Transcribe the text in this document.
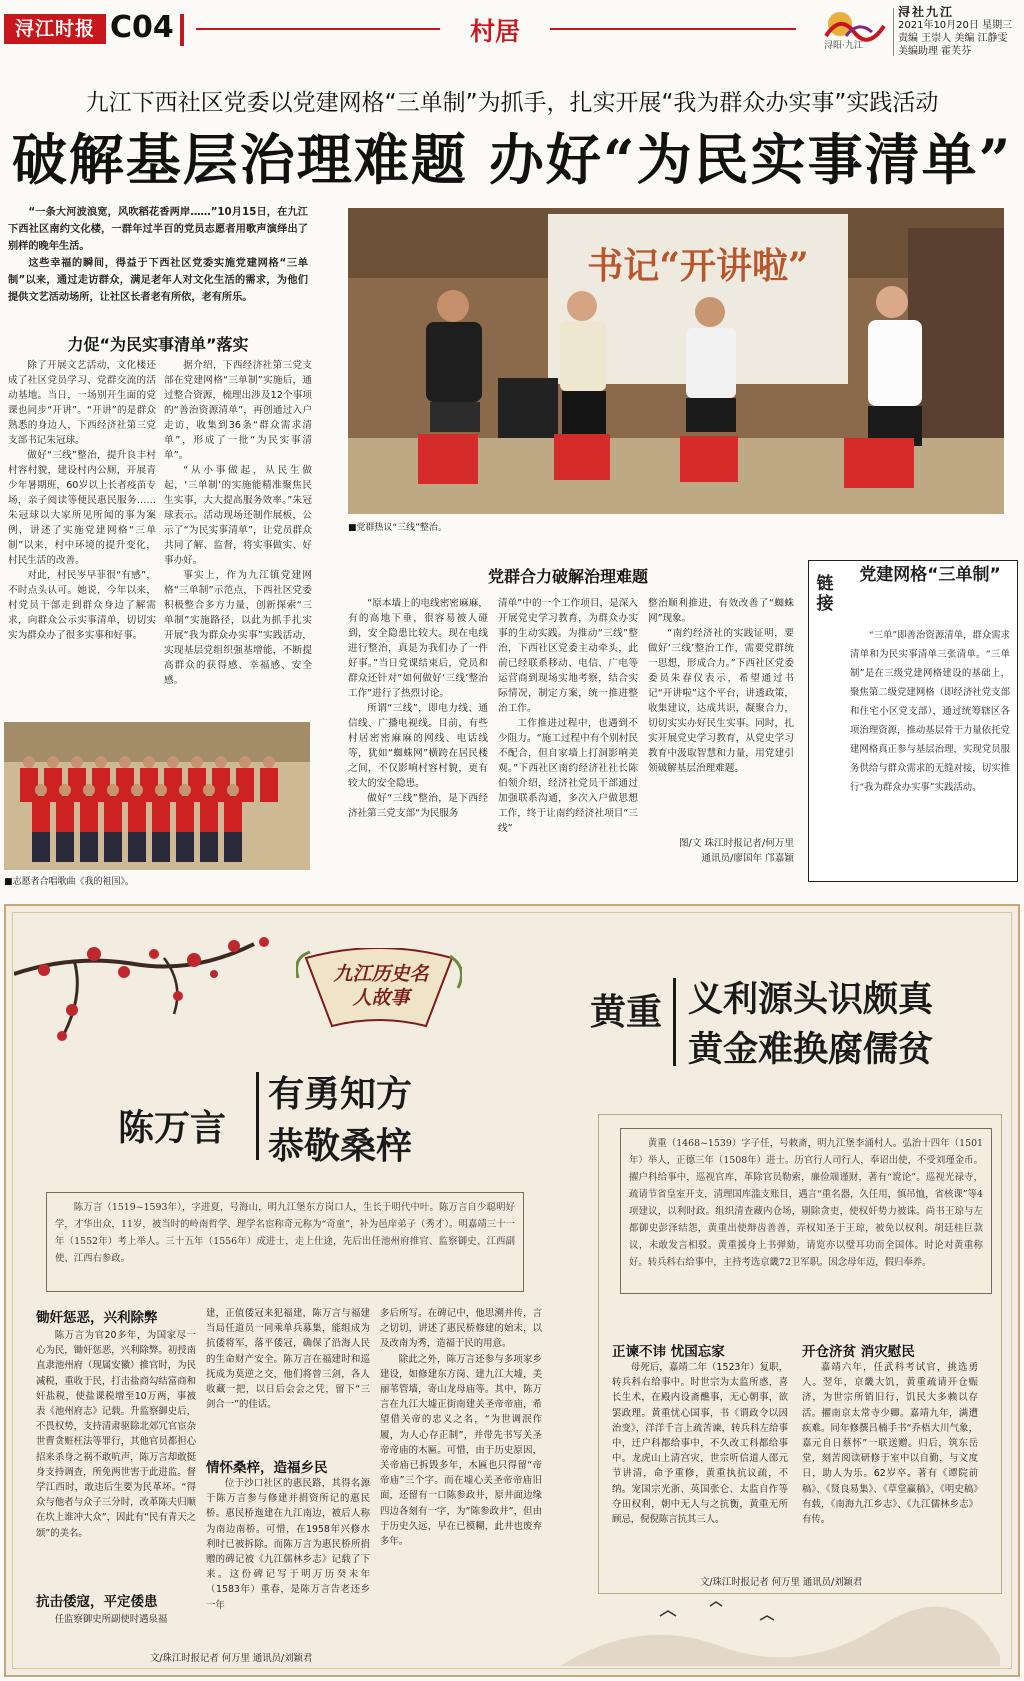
浔江时报 C04	村居	浔阳·九江
浔社九江
2021年10月20日 星期三
责编 王崇人 美编 江静雯
美编助理 霍芙芬
九江下西社区党委以党建网格“三单制”为抓手，扎实开展“我为群众办实事”实践活动
破解基层治理难题 办好“为民实事清单”

“一条大河波浪宽，风吹稻花香两岸……”10月15日，在九江下西社区南约文化楼，一群年过半百的党员志愿者用歌声演绎出了别样的晚年生活。

这些幸福的瞬间，得益于下西社区党委实施党建网格“三单制”以来，通过走访群众，满足老年人对文化生活的需求，为他们提供文艺活动场所，让社区长者老有所依，老有所乐。

力促“为民实事清单”落实

除了开展文艺活动，文化楼还成了社区党员学习、党群交流的活动基地。当日，一场别开生面的党课也同步“开讲”。“开讲”的是群众熟悉的身边人，下西经济社第三党支部书记朱冠球。

做好“三线”整治，提升良丰村村容村貌，建设村内公厕，开展青少年暑期班，60岁以上长者疫苗专场，亲子阅读等便民惠民服务……朱冠球以大家所见所闻的事为案例，讲述了实施党建网格“三单制”以来，村中环境的提升变化，村民生活的改善。

对此，村民岑早菲很“有感”，不时点头认可。她说，今年以来，村党员干部走到群众身边了解需求，向群众公示实事清单，切切实实为群众办了很多实事和好事。

据介绍，下西经济社第三党支部在党建网格“三单制”实施后，通过整合资源，梳理出涉及12个事项的“善治资源清单”，再创通过入户走访，收集到36条“群众需求清单”，形成了一批“为民实事清单”。

“从小事做起，从民生做起，‘三单制’的实施能精准聚焦民生实事，大大提高服务效率。”朱冠球表示。活动现场还制作展板，公示了“为民实事清单”，让党员群众共同了解、监督，将实事做实、好事办好。

事实上，作为九江镇党建网格“三单制”示范点，下西社区党委积极整合多方力量，创新探索“三单制”实施路径，以此为抓手扎实开展“我为群众办实事”实践活动，实现基层党组织强基增能，不断提高群众的获得感、幸福感、安全感。

书记“开讲啦”
■党群热议“三线”整治。
■志愿者合唱歌曲《我的祖国》。
党群合力破解治理难题

“原本墙上的电线密密麻麻，有的高地下垂，很容易被人碰到，安全隐患比较大。现在电线进行整治，真是为我们办了一件好事。”当日党课结束后，党员和群众还针对“如何做好‘三线’整治工作”进行了热烈讨论。

所谓“三线”，即电力线、通信线、广播电视线。目前，有些村居密密麻麻的网线、电话线等，犹如“蜘蛛网”横跨在居民楼之间，不仅影响村容村貌，更有较大的安全隐患。

做好“三线”整治，是下西经济社第三党支部“为民服务

清单”中的一个工作项目，是深入开展党史学习教育，为群众办实事的生动实践。为推动“三线”整治，下西社区党委主动牵头，此前已经联系移动、电信、广电等运营商到现场实地考察，结合实际情况，制定方案，统一推进整治工作。

工作推进过程中，也遇到不少阻力。“施工过程中有个别村民不配合，但自家墙上打洞影响美观。”下西社区南约经济社社长陈伯领介绍，经济社党员干部通过加强联系沟通，多次入户做思想工作，终于让南约经济社项目“三线”

整治顺利推进，有效改善了“蜘蛛网”现象。

“南约经济社的实践证明，要做好‘三线’整治工作，需要党群统一思想，形成合力。”下西社区党委委员朱春仪表示，希望通过书记“开讲啦”这个平台，讲透政策，收集建议，达成共识，凝聚合力，切切实实办好民生实事。同时，扎实开展党史学习教育，从党史学习教育中汲取智慧和力量，用党建引领破解基层治理难题。

图/文 珠江时报记者/何万里
通讯员/廖国年 邝嘉颖
链接
党建网格“三单制”

“三单”即善治资源清单，群众需求清单和为民实事清单三张清单。“三单制”是在三级党建网格建设的基础上，聚焦第二级党建网格（即经济社党支部和住宅小区党支部），通过统筹辖区各项治理资源，推动基层骨干力量依托党建网格真正参与基层治理，实现党员服务供给与群众需求的无缝对接，切实推行“我为群众办实事”实践活动。

九江历史名人故事	黄重 义利源头识颇真
黄金难换腐儒贫
陈万言
有勇知方
恭敬桑梓	黄重（1468~1539）字子任，号敕斋，明九江堡李涌村人。弘治十四年（1501年）举人，正德三年（1508年）进士。历官行人司行人，奉诏出使，不受刘瑾金币。擢户科给事中，巡视官库，革除官员勒索，廉俭端谨财，著有“谠论”。巡视光禄寺，疏请节省皇室开支，清理国库滥支账目，遇言“重名器，久任用，慎吊恤，省核课”等4项建议，以利时政。组织清查藏内仓场，剔除贪吏，使权奸势力被诛。尚书王琼与左都御史彭泽结怨，黄重出使辩齿善善，弄权知圣于王琼，被免以权利。胡廷桂巨款议，未敢发言相驳。黄重援身上书弹劾，请览亦以璧耳功而全国体。时论对黄重称好。转兵科右给事中，主持考选京畿72卫军职。因念母年迈，假归奉养。

陈万言（1519~1593年），字进夏，号海山，明九江堡东方岗口人，生长于明代中叶。陈万言自少聪明好学，才华出众，11岁，被当时的岭南哲学、理学名宦称奇元称为“奇童”，补为邑庠弟子（秀才）。明嘉靖三十一年（1552年）考上举人。三十五年（1556年）成进士，走上仕途，先后出任池州府推官、监察御史、江西副使、江西右参政。

锄奸惩恶，兴利除弊

陈万言为官20多年，为国家尽一心为民，锄奸惩恶，兴利除弊。初授南直隶池州府（现属安徽）推官时，为民减税，重收于民，打击盐商勾结富商和奸盐税，使盐课税增至10万两，事被表《池州府志》记载。升监察御史后，不畏权势，支持清肃驱除北郊冗官宦杂世曹贪赃枉法等罪行，其他官员都担心招来杀身之祸不敢吭声，陈万言却敢挺身支持调查，所免两世害于此进监。督学江西时，敢违后生要为民革坏。“得众与他者与众子三分时，改革陈夫归顺在坎上谁冲大众”，因此有“民有青天之颂”的美名。

抗击倭寇，平定倭患

任监察御史所副使时遇泉福

建，正值倭冠来犯福建，陈万言与福建当局任道员一同乘单兵募集，能组成为抗倭将军，落平倭冠，确保了沿海人民的生命财产安全。陈万言在福建时和巡抚成为莫逆之交，他们将曾三剑，各人收藏一把，以日后会会之凭，留下“三剑合一”的佳话。

情怀桑梓，造福乡民

位于沙口社区的惠民路，其得名源于陈万言参与修建并捐资所记的惠民桥。惠民桥迤建在九江南边，被后人称为南边南桥。可惜，在1958年兴修水利时已被拆除。而陈万言为惠民桥所捐赠的碑记被《九江儒林乡志》记载了下来。这份碑记写于明万历癸未年（1583年）重春，是陈万言告老还乡一年

多后所写。在碑记中，他思溯并传，言之切切，讲述了惠民桥修建的始末，以及改南为秀，造福于民的用意。

除此之外，陈万言还参与多项家乡建设，如修建东方岗、建九江大墟，美丽苇管墙，寄山龙母庙等。其中，陈万言在九江大墟正街南建关圣帝帝庙，希望借关帝的忠义之名，“为世调泯作履，为人心存正制”，并带先书写关圣帝帝庙的木匾。可惜，由于历史原因，关帝庙已拆毁多年，木匾也只得留“帝帝庙”三个字。而在墟心关圣帝帝庙旧面，还留有一口陈参政井，原井面边缘四边各刻有一字，为“陈参政井”，但由于历史久远，早在已模糊，此井也废弃多年。

文/珠江时报记者 何万里 通讯员/刘颖君
正谏不讳 忧国忘家

母死后，嘉靖二年（1523年）复职，转兵科右给事中。时世宗为太监所惑，喜长生术，在殿内设斋醮事，无心朝事，欲罢政理。黄重忧心国事，书《谓政令以因治变》，洋洋千言上疏苦谏，转兵科左给事中，迁户科都给事中，不久改工科都给事中。龙虎山上清宫灾，世宗听信道人邵元节讲清，命予重修，黄重执抗议疏，不纳。宠国宗光浙、英国张仑、太监自作等夺田权利，朝中无人与之抗衡，黄重无所顾忌，倪倪陈言抗其三人。

开仓济贫 消灾慰民

嘉靖六年，任武科考试官，挑选勇人。翌年，京畿大饥，黄重疏请开仓赈济，为世宗所销旧行，饥民大多赖以存活。擢南京太常寺少卿。嘉靖九年，满遭疾难。同年修撰吕楠手书“乔梧大川气象，嘉元自日蔡怀”一联送赠。归后，筑东岳堂，刻苦阅读研修于室中以自勤，与文度日，助人为乐。62岁卒。著有《谭院前稿》、《贤良易集》、《草堂赢稿》，《明史稿》有载，《南海九江乡志》、《九江儒林乡志》有传。

文/珠江时报记者 何万里 通讯员/刘颖君
